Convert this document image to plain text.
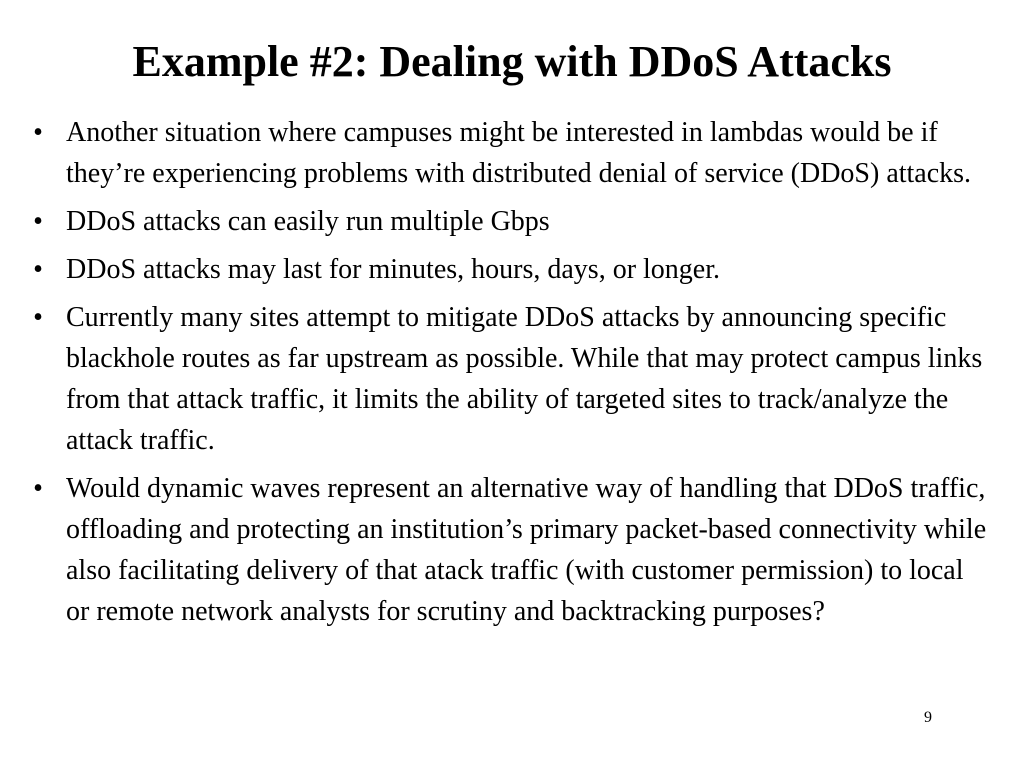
Example #2: Dealing with DDoS Attacks
• Another situation where campuses might be interested in lambdas would be if they’re experiencing problems with distributed denial of service (DDoS) attacks.
• DDoS attacks can easily run multiple Gbps
• DDoS attacks may last for minutes, hours, days, or longer.
• Currently many sites attempt to mitigate DDoS attacks by announcing specific blackhole routes as far upstream as possible. While that may protect campus links from that attack traffic, it limits the ability of targeted sites to track/analyze the attack traffic.
• Would dynamic waves represent an alternative way of handling that DDoS traffic, offloading and protecting an institution’s primary packet-based connectivity while also facilitating delivery of that atack traffic (with customer permission) to local or remote network analysts for scrutiny and backtracking purposes?
9
